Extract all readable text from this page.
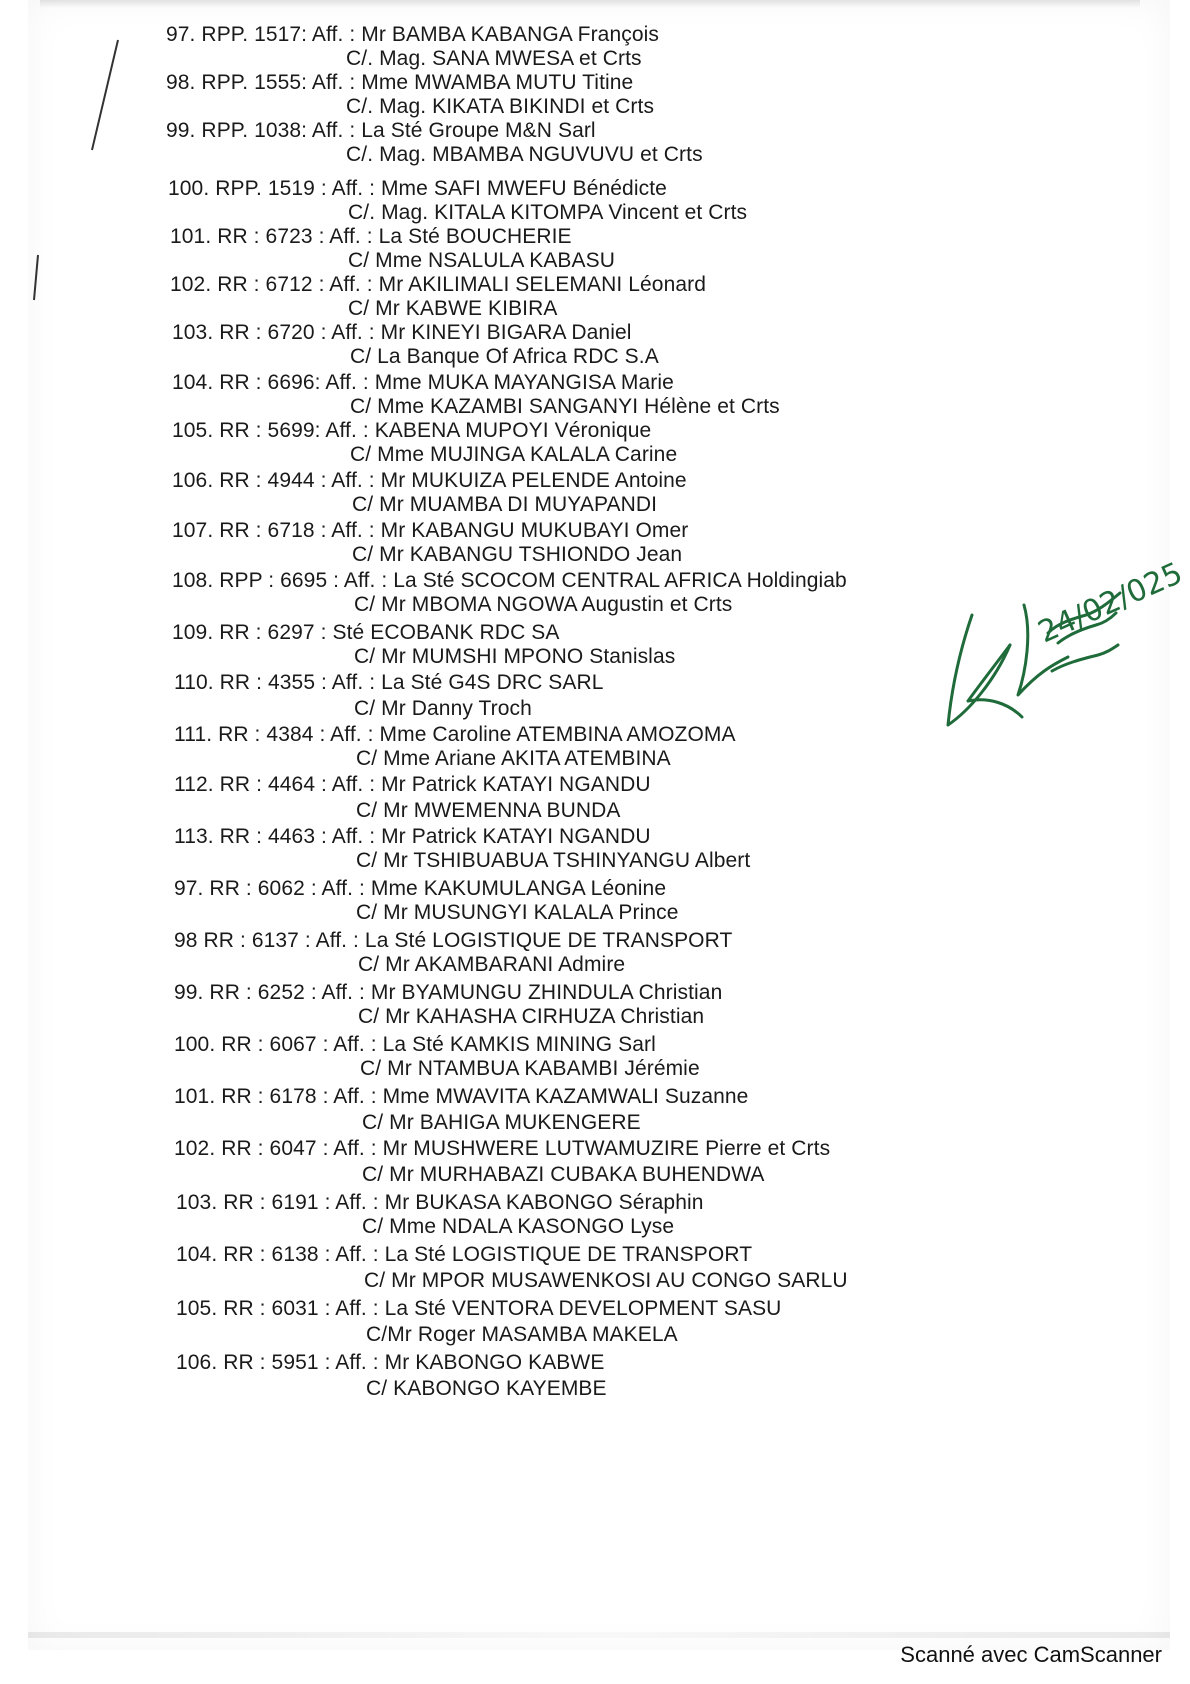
97. RPP. 1517: Aff. : Mr BAMBA KABANGA François
C/. Mag. SANA MWESA et Crts
98. RPP. 1555: Aff. : Mme MWAMBA MUTU Titine
C/. Mag. KIKATA BIKINDI et Crts
99. RPP. 1038: Aff. : La Sté Groupe M&N Sarl
C/. Mag. MBAMBA NGUVUVU et Crts
100. RPP. 1519 : Aff. : Mme SAFI MWEFU Bénédicte
C/. Mag. KITALA KITOMPA Vincent et Crts
101. RR : 6723 : Aff. : La Sté BOUCHERIE
C/ Mme NSALULA KABASU
102. RR : 6712 : Aff. : Mr AKILIMALI SELEMANI Léonard
C/ Mr KABWE KIBIRA
103. RR : 6720 : Aff. : Mr KINEYI BIGARA Daniel
C/ La Banque Of Africa RDC S.A
104. RR : 6696: Aff. : Mme MUKA MAYANGISA Marie
C/ Mme KAZAMBI SANGANYI Hélène et Crts
105. RR : 5699: Aff. : KABENA MUPOYI Véronique
C/ Mme MUJINGA KALALA Carine
106. RR : 4944 : Aff. : Mr MUKUIZA PELENDE Antoine
C/ Mr MUAMBA DI MUYAPANDI
107. RR : 6718 : Aff. : Mr KABANGU MUKUBAYI Omer
C/ Mr KABANGU TSHIONDO Jean
108. RPP : 6695 : Aff. : La Sté SCOCOM CENTRAL AFRICA Holdingiab
C/ Mr MBOMA NGOWA Augustin et Crts
109. RR : 6297 : Sté ECOBANK RDC SA
C/ Mr MUMSHI MPONO Stanislas
110. RR : 4355 : Aff. : La Sté G4S DRC SARL
C/ Mr Danny Troch
111. RR : 4384 : Aff. : Mme Caroline ATEMBINA AMOZOMA
C/ Mme Ariane AKITA ATEMBINA
112. RR : 4464 : Aff. : Mr Patrick KATAYI NGANDU
C/ Mr MWEMENNA BUNDA
113. RR : 4463 : Aff. : Mr Patrick KATAYI NGANDU
C/ Mr TSHIBUABUA TSHINYANGU Albert
97. RR : 6062 : Aff. : Mme KAKUMULANGA Léonine
C/ Mr MUSUNGYI KALALA Prince
98 RR : 6137 : Aff. : La Sté LOGISTIQUE DE TRANSPORT
C/ Mr AKAMBARANI Admire
99. RR : 6252 : Aff. : Mr BYAMUNGU ZHINDULA Christian
C/ Mr KAHASHA CIRHUZA Christian
100. RR : 6067 : Aff. : La Sté KAMKIS MINING Sarl
C/ Mr NTAMBUA KABAMBI Jérémie
101. RR : 6178 : Aff. : Mme MWAVITA KAZAMWALI Suzanne
C/ Mr BAHIGA MUKENGERE
102. RR : 6047 : Aff. : Mr MUSHWERE LUTWAMUZIRE Pierre et Crts
C/ Mr MURHABAZI CUBAKA BUHENDWA
103. RR : 6191 : Aff. : Mr BUKASA KABONGO Séraphin
C/ Mme NDALA KASONGO Lyse
104. RR : 6138 : Aff. : La Sté LOGISTIQUE DE TRANSPORT
C/ Mr MPOR MUSAWENKOSI AU CONGO SARLU
105. RR : 6031 : Aff. : La Sté VENTORA DEVELOPMENT SASU
C/Mr Roger MASAMBA MAKELA
106. RR : 5951 : Aff. : Mr KABONGO KABWE
C/ KABONGO KAYEMBE
24/02/025
Scanné avec CamScanner
